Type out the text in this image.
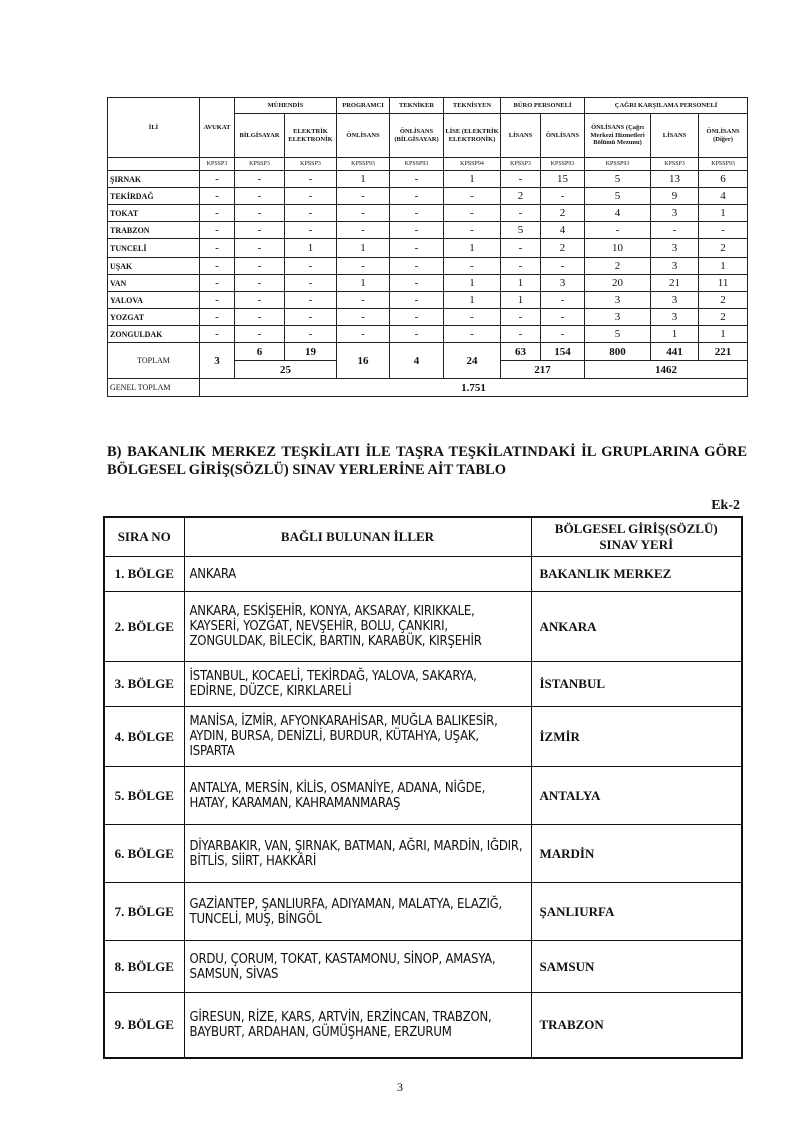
İLİ	AVUKAT	MÜHENDİS		PROGRAMCI	TEKNİKER	TEKNİSYEN	BÜRO PERSONELİ		ÇAĞRI KARŞILAMA PERSONELİ		
		BİLGİSAYAR	ELEKTRİK ELEKTRONİK	ÖNLİSANS	ÖNLİSANS (BİLGİSAYAR)	LİSE (ELEKTRİK ELEKTRONİK)	LİSANS	ÖNLİSANS	ÖNLİSANS (Çağrı Merkezi Hizmetleri Bölümü Mezunu)	LİSANS	ÖNLİSANS (Diğer)
	KPSSP3	KPSSP3	KPSSP3	KPSSP93	KPSSP93	KPSSP94	KPSSP3	KPSSP93	KPSSP93	KPSSP3	KPSSP93
ŞIRNAK	-	-	-	1	-	1	-	15	5	13	6
TEKİRDAĞ	-	-	-	-	-	-	2	-	5	9	4
TOKAT	-	-	-	-	-	-	-	2	4	3	1
TRABZON	-	-	-	-	-	-	5	4	-	-	-
TUNCELİ	-	-	1	1	-	1	-	2	10	3	2
UŞAK	-	-	-	-	-	-	-	-	2	3	1
VAN	-	-	-	1	-	1	1	3	20	21	11
YALOVA	-	-	-	-	-	1	1	-	3	3	2
YOZGAT	-	-	-	-	-	-	-	-	3	3	2
ZONGULDAK	-	-	-	-	-	-	-	-	5	1	1
TOPLAM	3	6	19	16	4	24	63	154	800	441	221
		25					217		1462		
GENEL TOPLAM	1.751										
B) BAKANLIK MERKEZ TEŞKİLATI İLE TAŞRA TEŞKİLATINDAKİ İL GRUPLARINA GÖRE BÖLGESEL GİRİŞ(SÖZLÜ) SINAV YERLERİNE AİT TABLO
Ek-2
SIRA NO	BAĞLI BULUNAN İLLER	BÖLGESEL GİRİŞ(SÖZLÜ) SINAV YERİ
1. BÖLGE	ANKARA	BAKANLIK MERKEZ
2. BÖLGE	ANKARA, ESKİŞEHİR, KONYA, AKSARAY, KIRIKKALE, KAYSERİ, YOZGAT, NEVŞEHİR, BOLU, ÇANKIRI, ZONGULDAK, BİLECİK, BARTIN, KARABÜK, KIRŞEHİR	ANKARA
3. BÖLGE	İSTANBUL, KOCAELİ, TEKİRDAĞ, YALOVA, SAKARYA, EDİRNE, DÜZCE, KIRKLARELİ	İSTANBUL
4. BÖLGE	MANİSA, İZMİR, AFYONKARAHİSAR, MUĞLA BALIKESİR, AYDIN, BURSA, DENİZLİ, BURDUR, KÜTAHYA, UŞAK, ISPARTA	İZMİR
5. BÖLGE	ANTALYA, MERSİN, KİLİS, OSMANİYE, ADANA, NİĞDE, HATAY, KARAMAN, KAHRAMANMARAŞ	ANTALYA
6. BÖLGE	DİYARBAKIR, VAN, ŞIRNAK, BATMAN, AĞRI, MARDİN, IĞDIR, BİTLİS, SİİRT, HAKKÂRİ	MARDİN
7. BÖLGE	GAZİANTEP, ŞANLIURFA, ADIYAMAN, MALATYA, ELAZIĞ, TUNCELİ, MUŞ, BİNGÖL	ŞANLIURFA
8. BÖLGE	ORDU, ÇORUM, TOKAT, KASTAMONU, SİNOP, AMASYA, SAMSUN, SİVAS	SAMSUN
9. BÖLGE	GİRESUN, RİZE, KARS, ARTVİN, ERZİNCAN, TRABZON, BAYBURT, ARDAHAN, GÜMÜŞHANE, ERZURUM	TRABZON
3
